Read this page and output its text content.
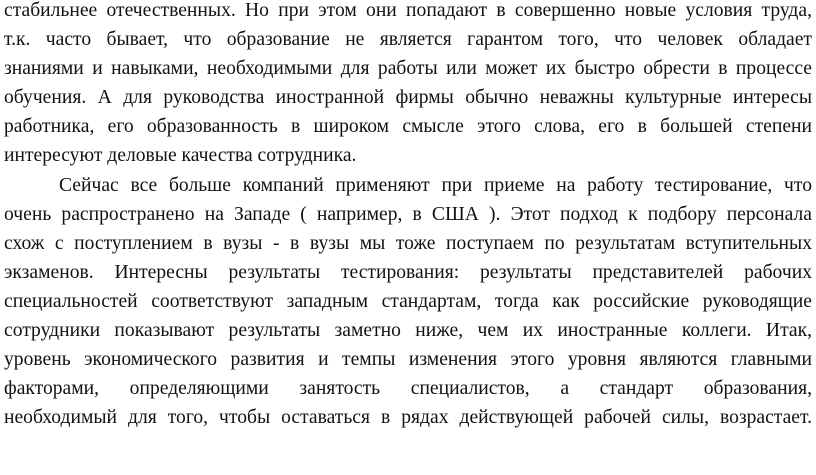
стабильнее отечественных. Но при этом они попадают в совершенно новые условия труда,
т.к. часто бывает, что образование не является гарантом того, что человек обладает
знаниями и навыками, необходимыми для работы или может их быстро обрести в процессе
обучения. А для руководства иностранной фирмы обычно неважны культурные интересы
работника, его образованность в широком смысле этого слова, его в большей степени
интересуют деловые качества сотрудника.

Сейчас все больше компаний применяют при приеме на работу тестирование, что
очень распространено на Западе ( например, в США ). Этот подход к подбору персонала
схож с поступлением в вузы - в вузы мы тоже поступаем по результатам вступительных
экзаменов. Интересны результаты тестирования: результаты представителей рабочих
специальностей соответствуют западным стандартам, тогда как российские руководящие
сотрудники показывают результаты заметно ниже, чем их иностранные коллеги. Итак,
уровень экономического развития и темпы изменения этого уровня являются главными
факторами, определяющими занятость специалистов, а стандарт образования,
необходимый для того, чтобы оставаться в рядах действующей рабочей силы, возрастает.
